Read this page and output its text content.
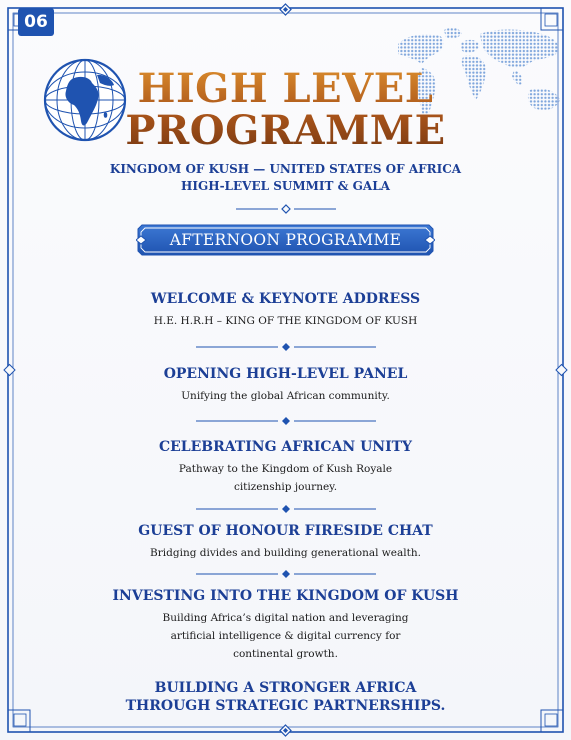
06
HIGH LEVEL
PROGRAMME
KINGDOM OF KUSH — UNITED STATES OF AFRICA
HIGH-LEVEL SUMMIT & GALA
AFTERNOON PROGRAMME

WELCOME & KEYNOTE ADDRESS

H.E. H.R.H – KING OF THE KINGDOM OF KUSH

OPENING HIGH-LEVEL PANEL

Unifying the global African community.

CELEBRATING AFRICAN UNITY

Pathway to the Kingdom of Kush Royale
citizenship journey.

GUEST OF HONOUR FIRESIDE CHAT

Bridging divides and building generational wealth.

INVESTING INTO THE KINGDOM OF KUSH

Building Africa’s digital nation and leveraging
artificial intelligence & digital currency for
continental growth.

BUILDING A STRONGER AFRICA

THROUGH STRATEGIC PARTNERSHIPS.
